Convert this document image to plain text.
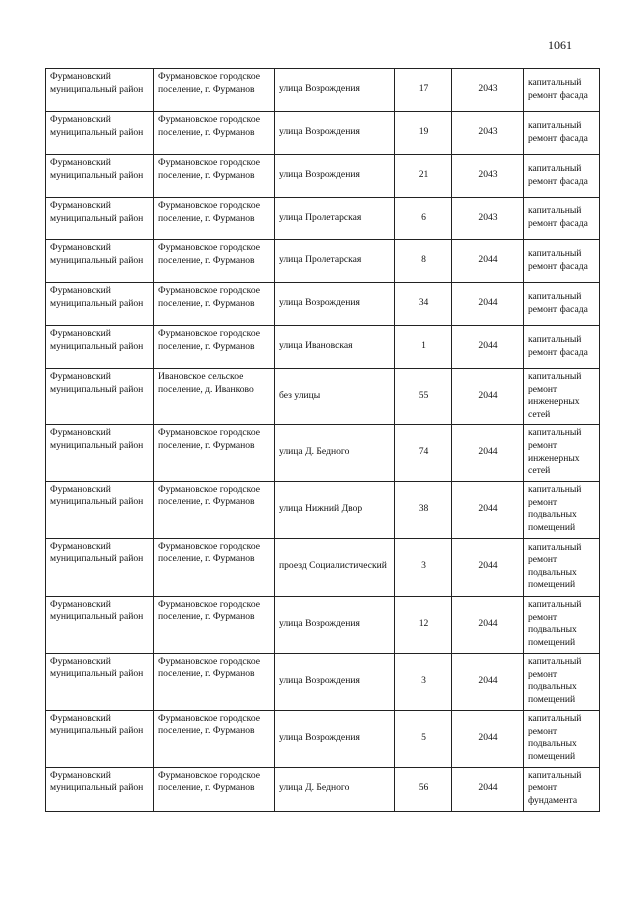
1061
Фурмановский муниципальный район	Фурмановское городское поселение, г. Фурманов	улица Возрождения	17	2043	капитальный ремонт фасада
Фурмановский муниципальный район	Фурмановское городское поселение, г. Фурманов	улица Возрождения	19	2043	капитальный ремонт фасада
Фурмановский муниципальный район	Фурмановское городское поселение, г. Фурманов	улица Возрождения	21	2043	капитальный ремонт фасада
Фурмановский муниципальный район	Фурмановское городское поселение, г. Фурманов	улица Пролетарская	6	2043	капитальный ремонт фасада
Фурмановский муниципальный район	Фурмановское городское поселение, г. Фурманов	улица Пролетарская	8	2044	капитальный ремонт фасада
Фурмановский муниципальный район	Фурмановское городское поселение, г. Фурманов	улица Возрождения	34	2044	капитальный ремонт фасада
Фурмановский муниципальный район	Фурмановское городское поселение, г. Фурманов	улица Ивановская	1	2044	капитальный ремонт фасада
Фурмановский муниципальный район	Ивановское сельское поселение, д. Иванково	без улицы	55	2044	капитальный ремонт инженерных сетей
Фурмановский муниципальный район	Фурмановское городское поселение, г. Фурманов	улица Д. Бедного	74	2044	капитальный ремонт инженерных сетей
Фурмановский муниципальный район	Фурмановское городское поселение, г. Фурманов	улица Нижний Двор	38	2044	капитальный ремонт подвальных помещений
Фурмановский муниципальный район	Фурмановское городское поселение, г. Фурманов	проезд Социалистический	3	2044	капитальный ремонт подвальных помещений
Фурмановский муниципальный район	Фурмановское городское поселение, г. Фурманов	улица Возрождения	12	2044	капитальный ремонт подвальных помещений
Фурмановский муниципальный район	Фурмановское городское поселение, г. Фурманов	улица Возрождения	3	2044	капитальный ремонт подвальных помещений
Фурмановский муниципальный район	Фурмановское городское поселение, г. Фурманов	улица Возрождения	5	2044	капитальный ремонт подвальных помещений
Фурмановский муниципальный район	Фурмановское городское поселение, г. Фурманов	улица Д. Бедного	56	2044	капитальный ремонт фундамента
